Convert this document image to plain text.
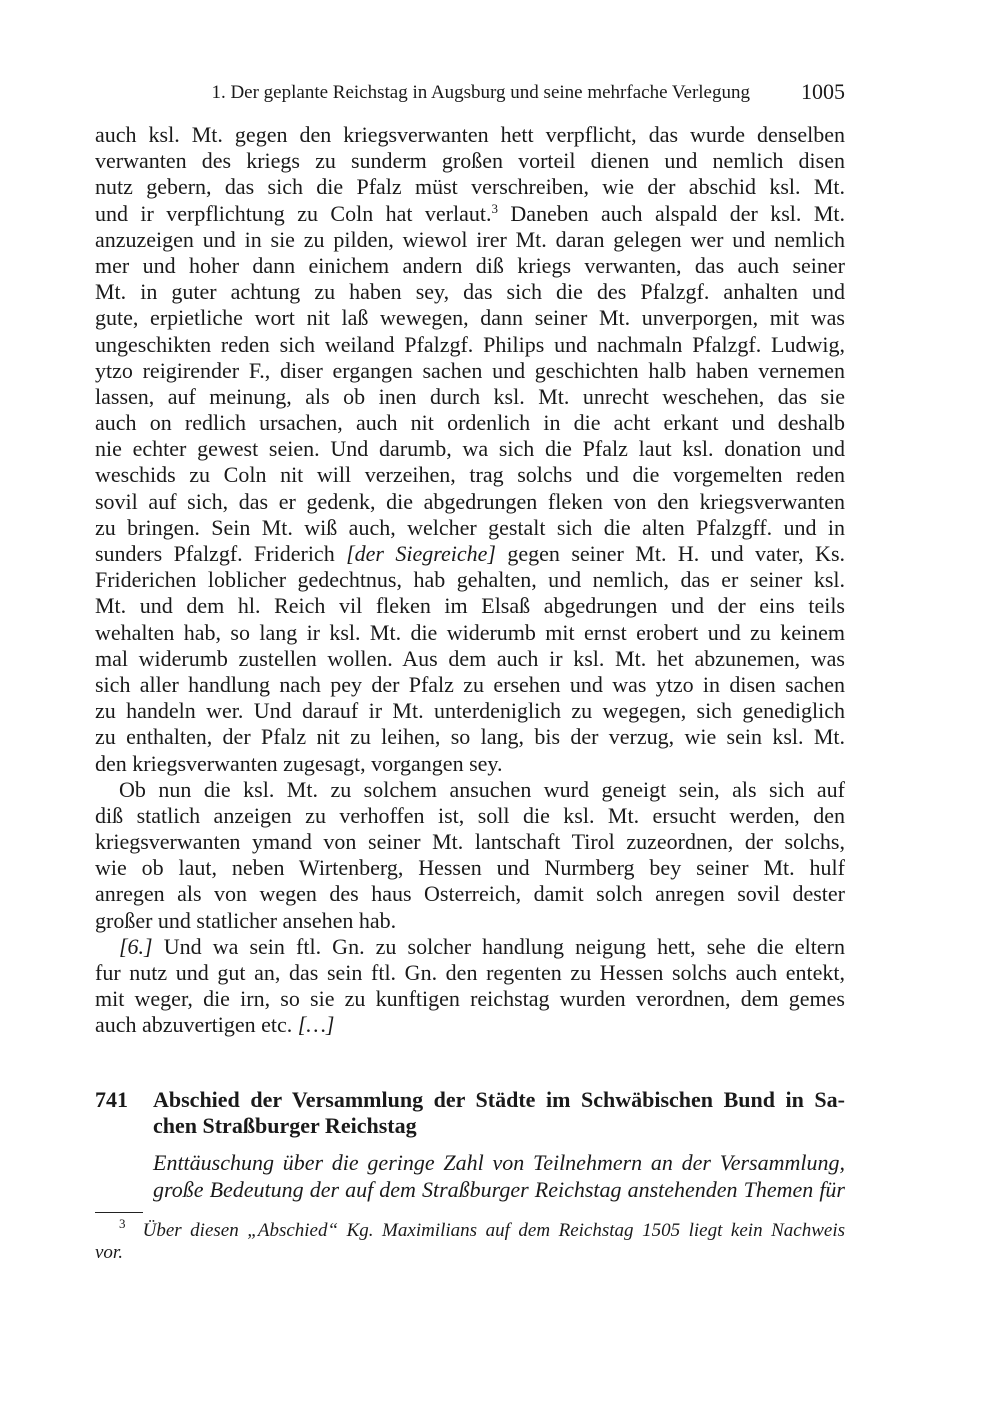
1. Der geplante Reichstag in Augsburg und seine mehrfache Verlegung 1005
auch ksl. Mt. gegen den kriegsverwanten hett verpflicht, das wurde denselben
verwanten des kriegs zu sunderm großen vorteil dienen und nemlich disen
nutz gebern, das sich die Pfalz müst verschreiben, wie der abschid ksl. Mt.
und ir verpflichtung zu Coln hat verlaut.$^3$ Daneben auch alspald der ksl. Mt.
anzuzeigen und in sie zu pilden, wiewol irer Mt. daran gelegen wer und nemlich
mer und hoher dann einichem andern diß kriegs verwanten, das auch seiner
Mt. in guter achtung zu haben sey, das sich die des Pfalzgf. anhalten und
gute, erpietliche wort nit laß wewegen, dann seiner Mt. unverporgen, mit was
ungeschikten reden sich weiland Pfalzgf. Philips und nachmaln Pfalzgf. Ludwig,
ytzo reigirender F., diser ergangen sachen und geschichten halb haben vernemen
lassen, auf meinung, als ob inen durch ksl. Mt. unrecht weschehen, das sie
auch on redlich ursachen, auch nit ordenlich in die acht erkant und deshalb
nie echter gewest seien. Und darumb, wa sich die Pfalz laut ksl. donation und
weschids zu Coln nit will verzeihen, trag solchs und die vorgemelten reden
sovil auf sich, das er gedenk, die abgedrungen fleken von den kriegsverwanten
zu bringen. Sein Mt. wiß auch, welcher gestalt sich die alten Pfalzgff. und in
sunders Pfalzgf. Friderich [der Siegreiche] gegen seiner Mt. H. und vater, Ks.
Friderichen loblicher gedechtnus, hab gehalten, und nemlich, das er seiner ksl.
Mt. und dem hl. Reich vil fleken im Elsaß abgedrungen und der eins teils
wehalten hab, so lang ir ksl. Mt. die widerumb mit ernst erobert und zu keinem
mal widerumb zustellen wollen. Aus dem auch ir ksl. Mt. het abzunemen, was
sich aller handlung nach pey der Pfalz zu ersehen und was ytzo in disen sachen
zu handeln wer. Und darauf ir Mt. unterdeniglich zu wegegen, sich genediglich
zu enthalten, der Pfalz nit zu leihen, so lang, bis der verzug, wie sein ksl. Mt.
den kriegsverwanten zugesagt, vorgangen sey.
Ob nun die ksl. Mt. zu solchem ansuchen wurd geneigt sein, als sich auf
diß statlich anzeigen zu verhoffen ist, soll die ksl. Mt. ersucht werden, den
kriegsverwanten ymand von seiner Mt. lantschaft Tirol zuzeordnen, der solchs,
wie ob laut, neben Wirtenberg, Hessen und Nurmberg bey seiner Mt. hulf
anregen als von wegen des haus Osterreich, damit solch anregen sovil dester
großer und statlicher ansehen hab.
[6.] Und wa sein ftl. Gn. zu solcher handlung neigung hett, sehe die eltern
fur nutz und gut an, das sein ftl. Gn. den regenten zu Hessen solchs auch entekt,
mit weger, die irn, so sie zu kunftigen reichstag wurden verordnen, dem gemes
auch abzuvertigen etc. […]
741 Abschied der Versammlung der Städte im Schwäbischen Bund in Sa-
chen Straßburger Reichstag
Enttäuschung über die geringe Zahl von Teilnehmern an der Versammlung,
große Bedeutung der auf dem Straßburger Reichstag anstehenden Themen für
$^3$ Über diesen „Abschied“ Kg. Maximilians auf dem Reichstag 1505 liegt kein Nachweis
vor.
